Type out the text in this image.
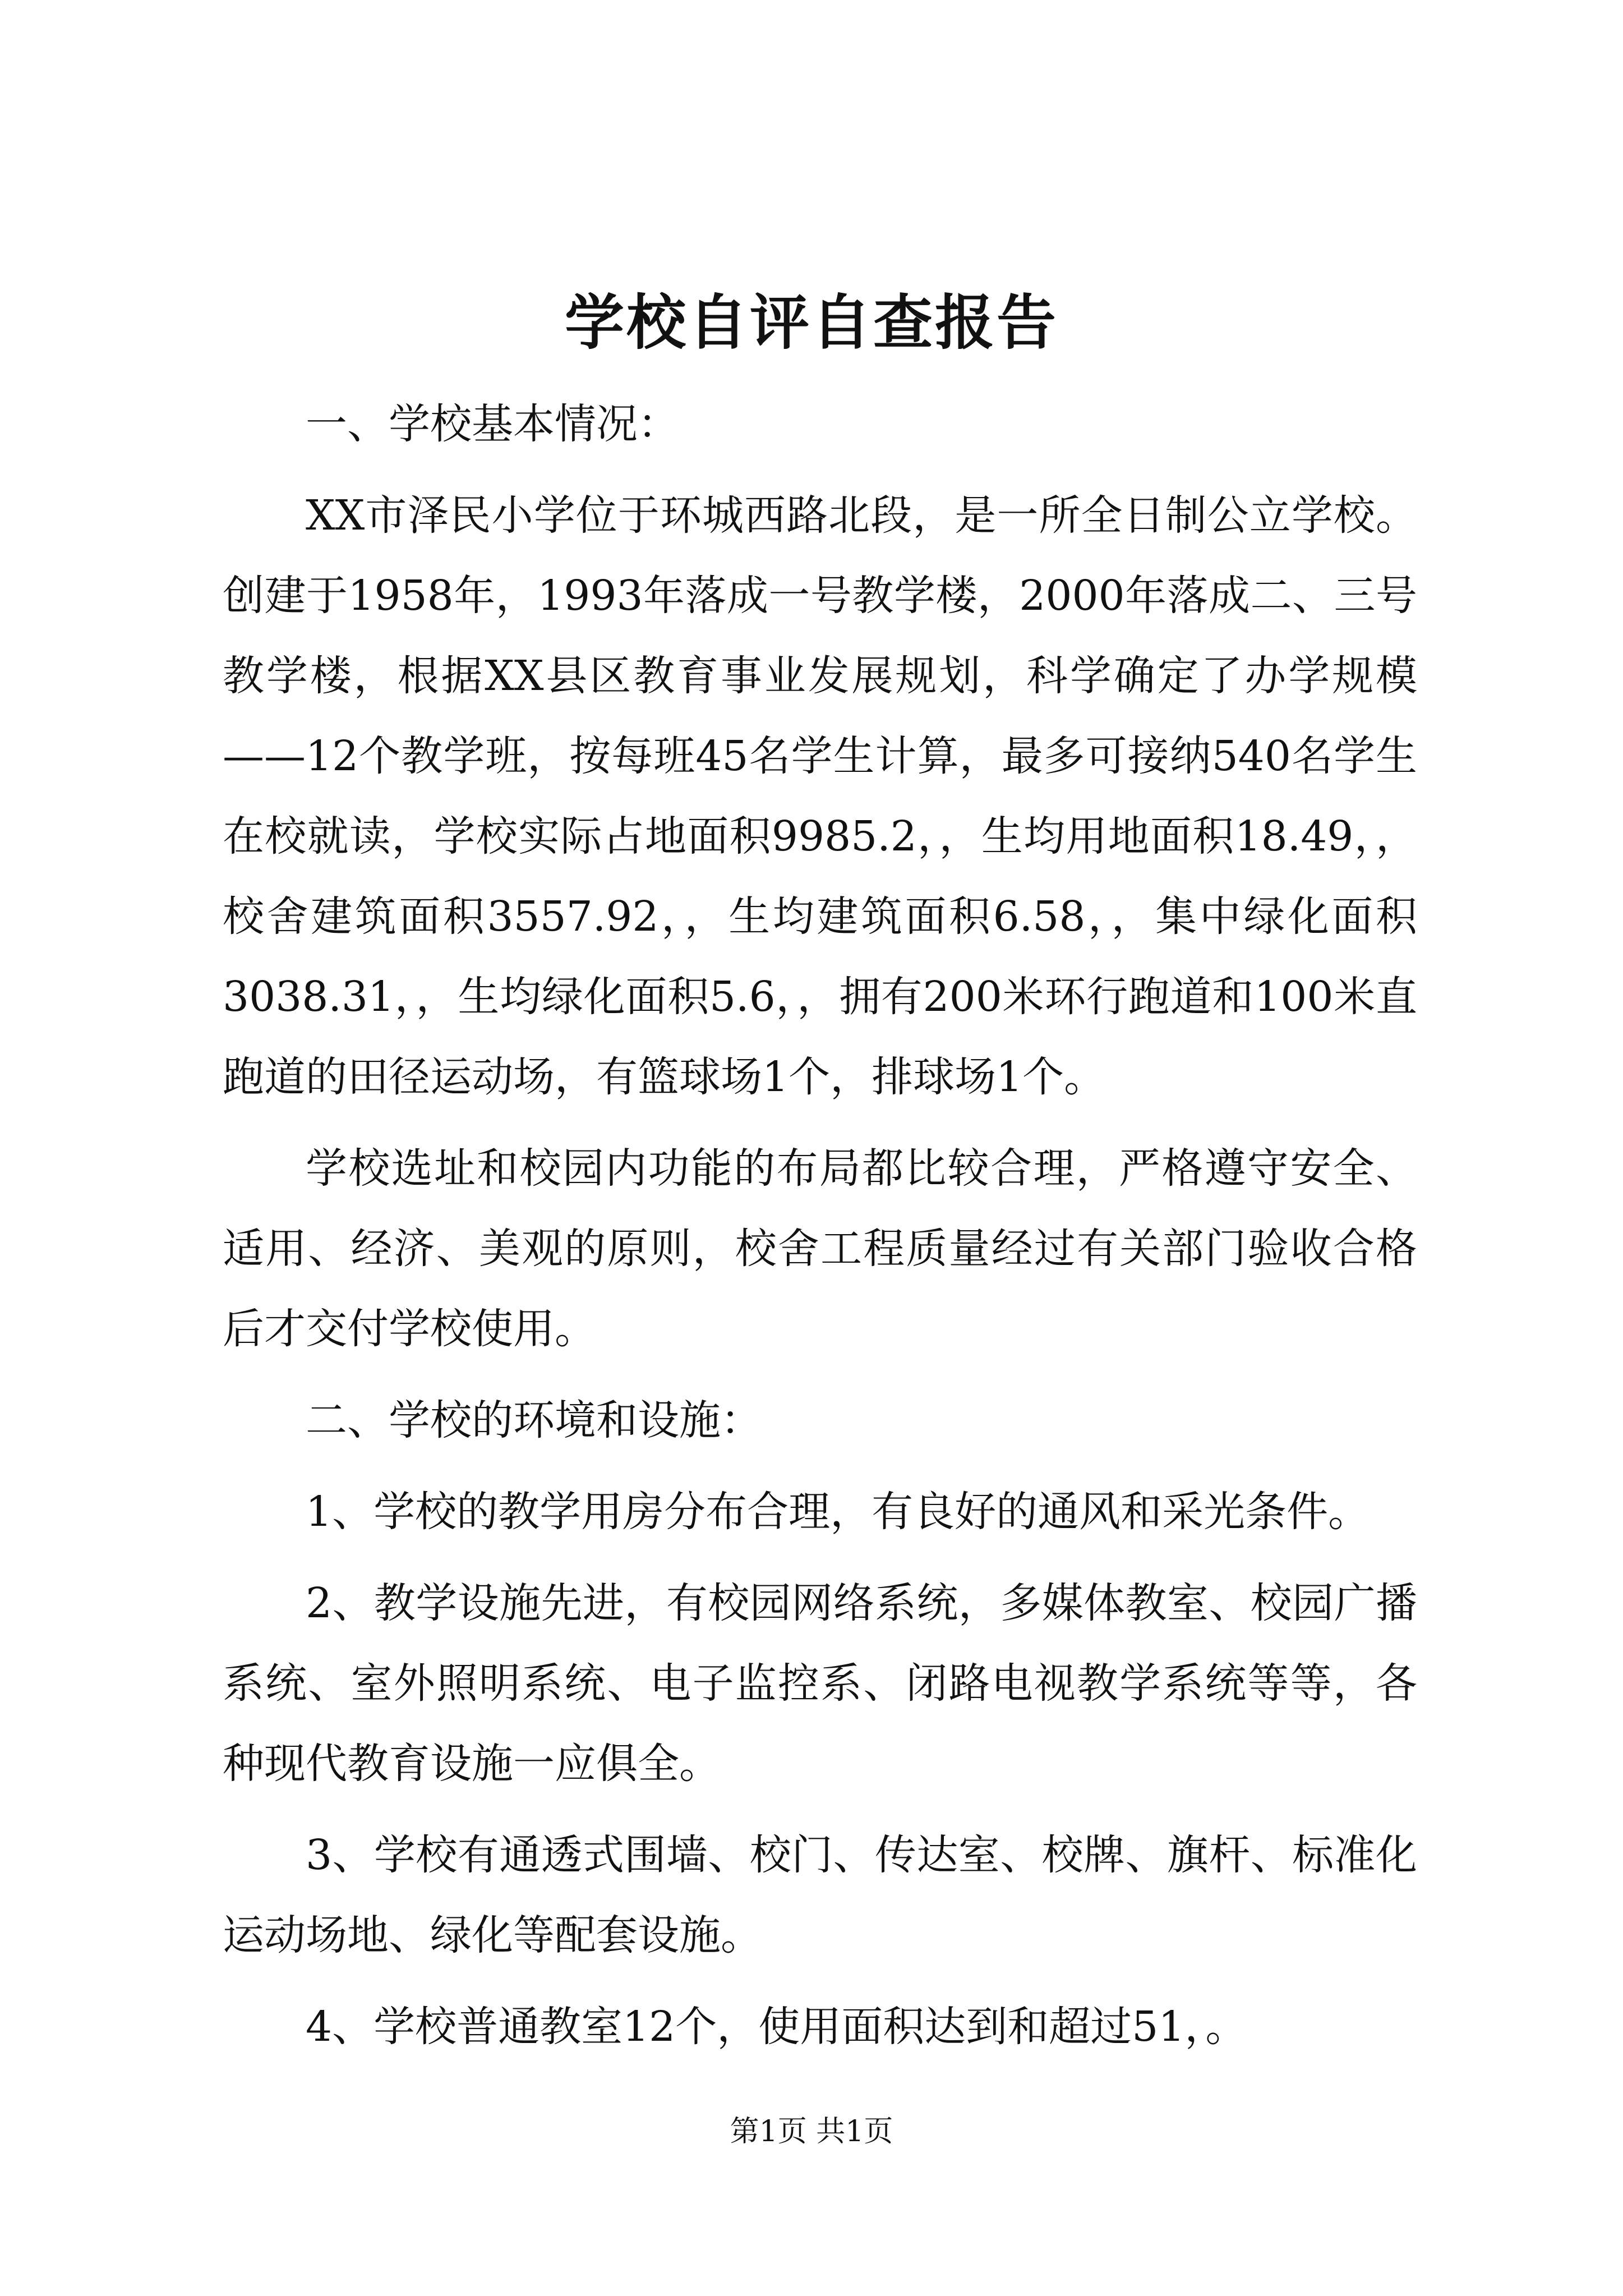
学校自评自查报告

一、学校基本情况：

XX市泽民小学位于环城西路北段，是一所全日制公立学校。创建于1958年，1993年落成一号教学楼，2000年落成二、三号教学楼，根据XX县区教育事业发展规划，科学确定了办学规模——12个教学班，按每班45名学生计算，最多可接纳540名学生在校就读，学校实际占地面积9985.2，，生均用地面积18.49，，校舍建筑面积3557.92，，生均建筑面积6.58，，集中绿化面积3038.31，，生均绿化面积5.6，，拥有200米环行跑道和100米直跑道的田径运动场，有篮球场1个，排球场1个。

学校选址和校园内功能的布局都比较合理，严格遵守安全、适用、经济、美观的原则，校舍工程质量经过有关部门验收合格后才交付学校使用。

二、学校的环境和设施：

1、学校的教学用房分布合理，有良好的通风和采光条件。

2、教学设施先进，有校园网络系统，多媒体教室、校园广播系统、室外照明系统、电子监控系、闭路电视教学系统等等，各种现代教育设施一应俱全。

3、学校有通透式围墙、校门、传达室、校牌、旗杆、标准化运动场地、绿化等配套设施。

4、学校普通教室12个，使用面积达到和超过51，。

第1页 共1页
